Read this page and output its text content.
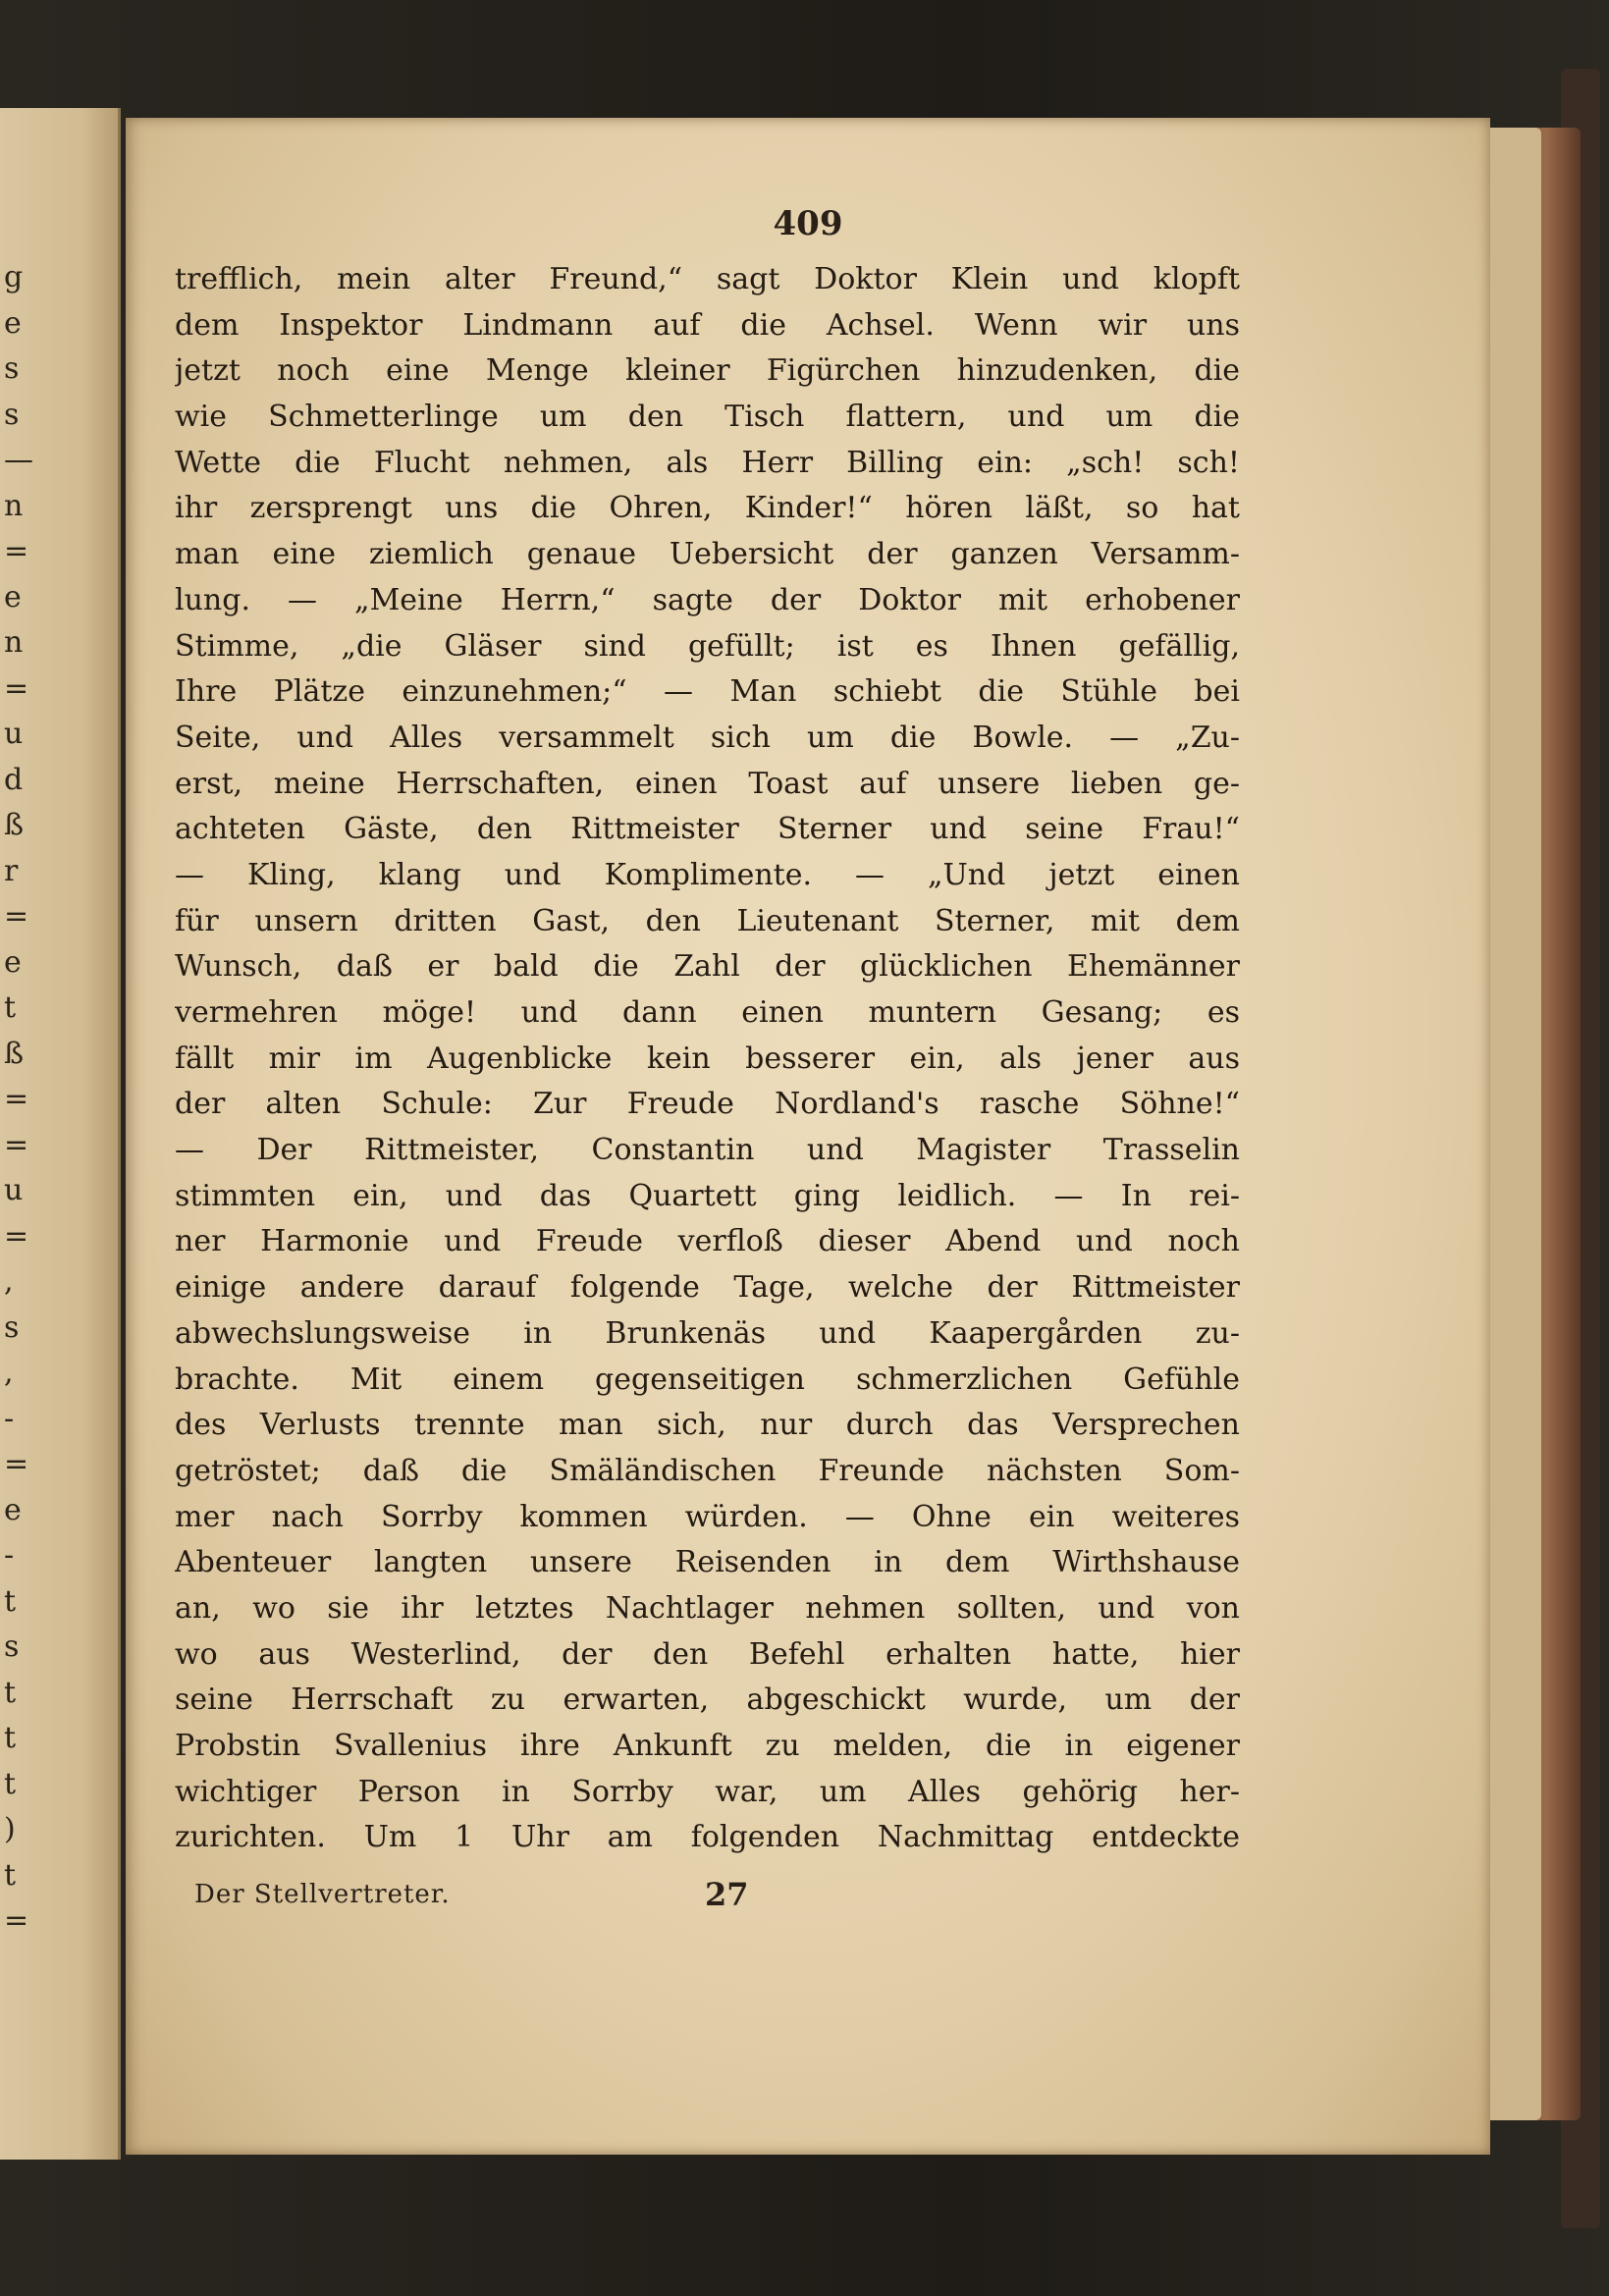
g
e
s
s
—
n
=
e
n
=
u
d
ß
r
=
e
t
ß
=
=
u
=
,
s
,
-
=
e
-
t
s
t
t
t
)
t
=
409
trefflich, mein alter Freund,“ sagt Doktor Klein und klopft
dem Inspektor Lindmann auf die Achsel. Wenn wir uns
jetzt noch eine Menge kleiner Figürchen hinzudenken, die
wie Schmetterlinge um den Tisch flattern, und um die
Wette die Flucht nehmen, als Herr Billing ein: „sch! sch!
ihr zersprengt uns die Ohren, Kinder!“ hören läßt, so hat
man eine ziemlich genaue Uebersicht der ganzen Versamm-
lung. — „Meine Herrn,“ sagte der Doktor mit erhobener
Stimme, „die Gläser sind gefüllt; ist es Ihnen gefällig,
Ihre Plätze einzunehmen;“ — Man schiebt die Stühle bei
Seite, und Alles versammelt sich um die Bowle. — „Zu-
erst, meine Herrschaften, einen Toast auf unsere lieben ge-
achteten Gäste, den Rittmeister Sterner und seine Frau!“
— Kling, klang und Komplimente. — „Und jetzt einen
für unsern dritten Gast, den Lieutenant Sterner, mit dem
Wunsch, daß er bald die Zahl der glücklichen Ehemänner
vermehren möge! und dann einen muntern Gesang; es
fällt mir im Augenblicke kein besserer ein, als jener aus
der alten Schule: Zur Freude Nordland's rasche Söhne!“
— Der Rittmeister, Constantin und Magister Trasselin
stimmten ein, und das Quartett ging leidlich. — In rei-
ner Harmonie und Freude verfloß dieser Abend und noch
einige andere darauf folgende Tage, welche der Rittmeister
abwechslungsweise in Brunkenäs und Kaapergården zu-
brachte. Mit einem gegenseitigen schmerzlichen Gefühle
des Verlusts trennte man sich, nur durch das Versprechen
getröstet; daß die Smäländischen Freunde nächsten Som-
mer nach Sorrby kommen würden. — Ohne ein weiteres
Abenteuer langten unsere Reisenden in dem Wirthshause
an, wo sie ihr letztes Nachtlager nehmen sollten, und von
wo aus Westerlind, der den Befehl erhalten hatte, hier
seine Herrschaft zu erwarten, abgeschickt wurde, um der
Probstin Svallenius ihre Ankunft zu melden, die in eigener
wichtiger Person in Sorrby war, um Alles gehörig her-
zurichten. Um 1 Uhr am folgenden Nachmittag entdeckte
Der Stellvertreter.	27
